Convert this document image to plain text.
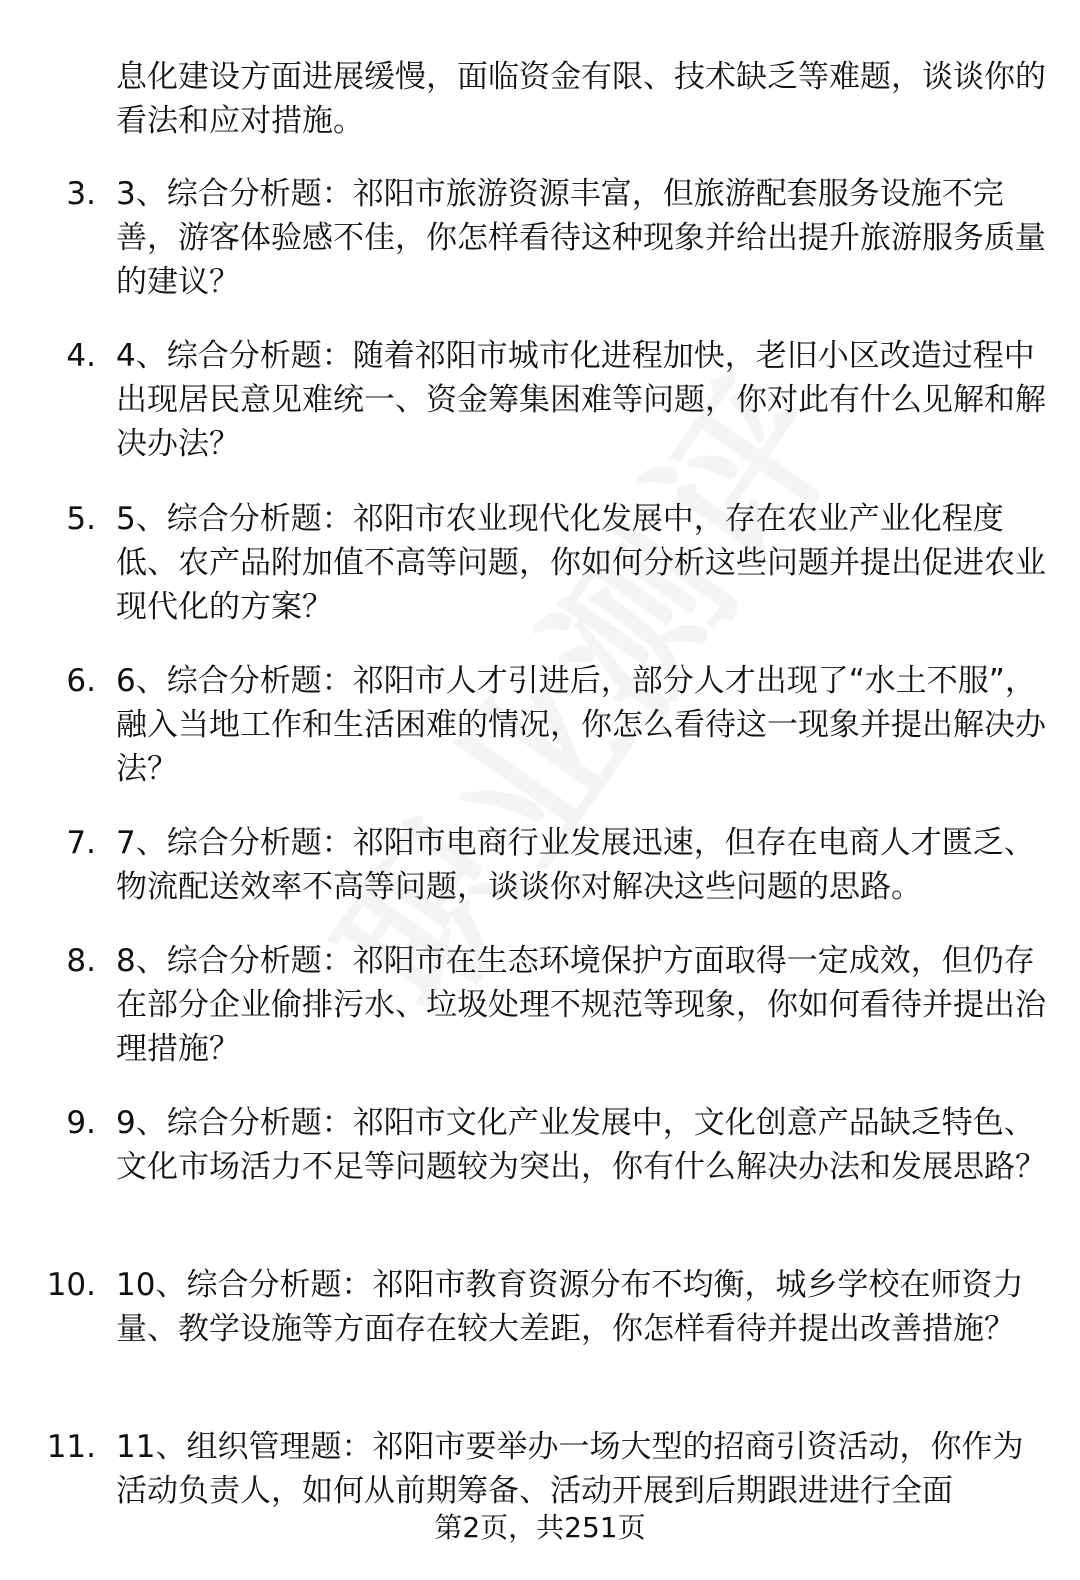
息化建设方面进展缓慢，面临资金有限、技术缺乏等难题，谈谈你的看法和应对措施。
3. 3、综合分析题：祁阳市旅游资源丰富，但旅游配套服务设施不完善，游客体验感不佳，你怎样看待这种现象并给出提升旅游服务质量的建议？
4. 4、综合分析题：随着祁阳市城市化进程加快，老旧小区改造过程中出现居民意见难统一、资金筹集困难等问题，你对此有什么见解和解决办法？
5. 5、综合分析题：祁阳市农业现代化发展中，存在农业产业化程度低、农产品附加值不高等问题，你如何分析这些问题并提出促进农业现代化的方案？
6. 6、综合分析题：祁阳市人才引进后，部分人才出现了“水土不服”，融入当地工作和生活困难的情况，你怎么看待这一现象并提出解决办法？
7. 7、综合分析题：祁阳市电商行业发展迅速，但存在电商人才匮乏、物流配送效率不高等问题，谈谈你对解决这些问题的思路。
8. 8、综合分析题：祁阳市在生态环境保护方面取得一定成效，但仍存在部分企业偷排污水、垃圾处理不规范等现象，你如何看待并提出治理措施？
9. 9、综合分析题：祁阳市文化产业发展中，文化创意产品缺乏特色、文化市场活力不足等问题较为突出，你有什么解决办法和发展思路？
10. 10、综合分析题：祁阳市教育资源分布不均衡，城乡学校在师资力量、教学设施等方面存在较大差距，你怎样看待并提出改善措施？
11. 11、组织管理题：祁阳市要举办一场大型的招商引资活动，你作为活动负责人，如何从前期筹备、活动开展到后期跟进进行全面
第2页，共251页
